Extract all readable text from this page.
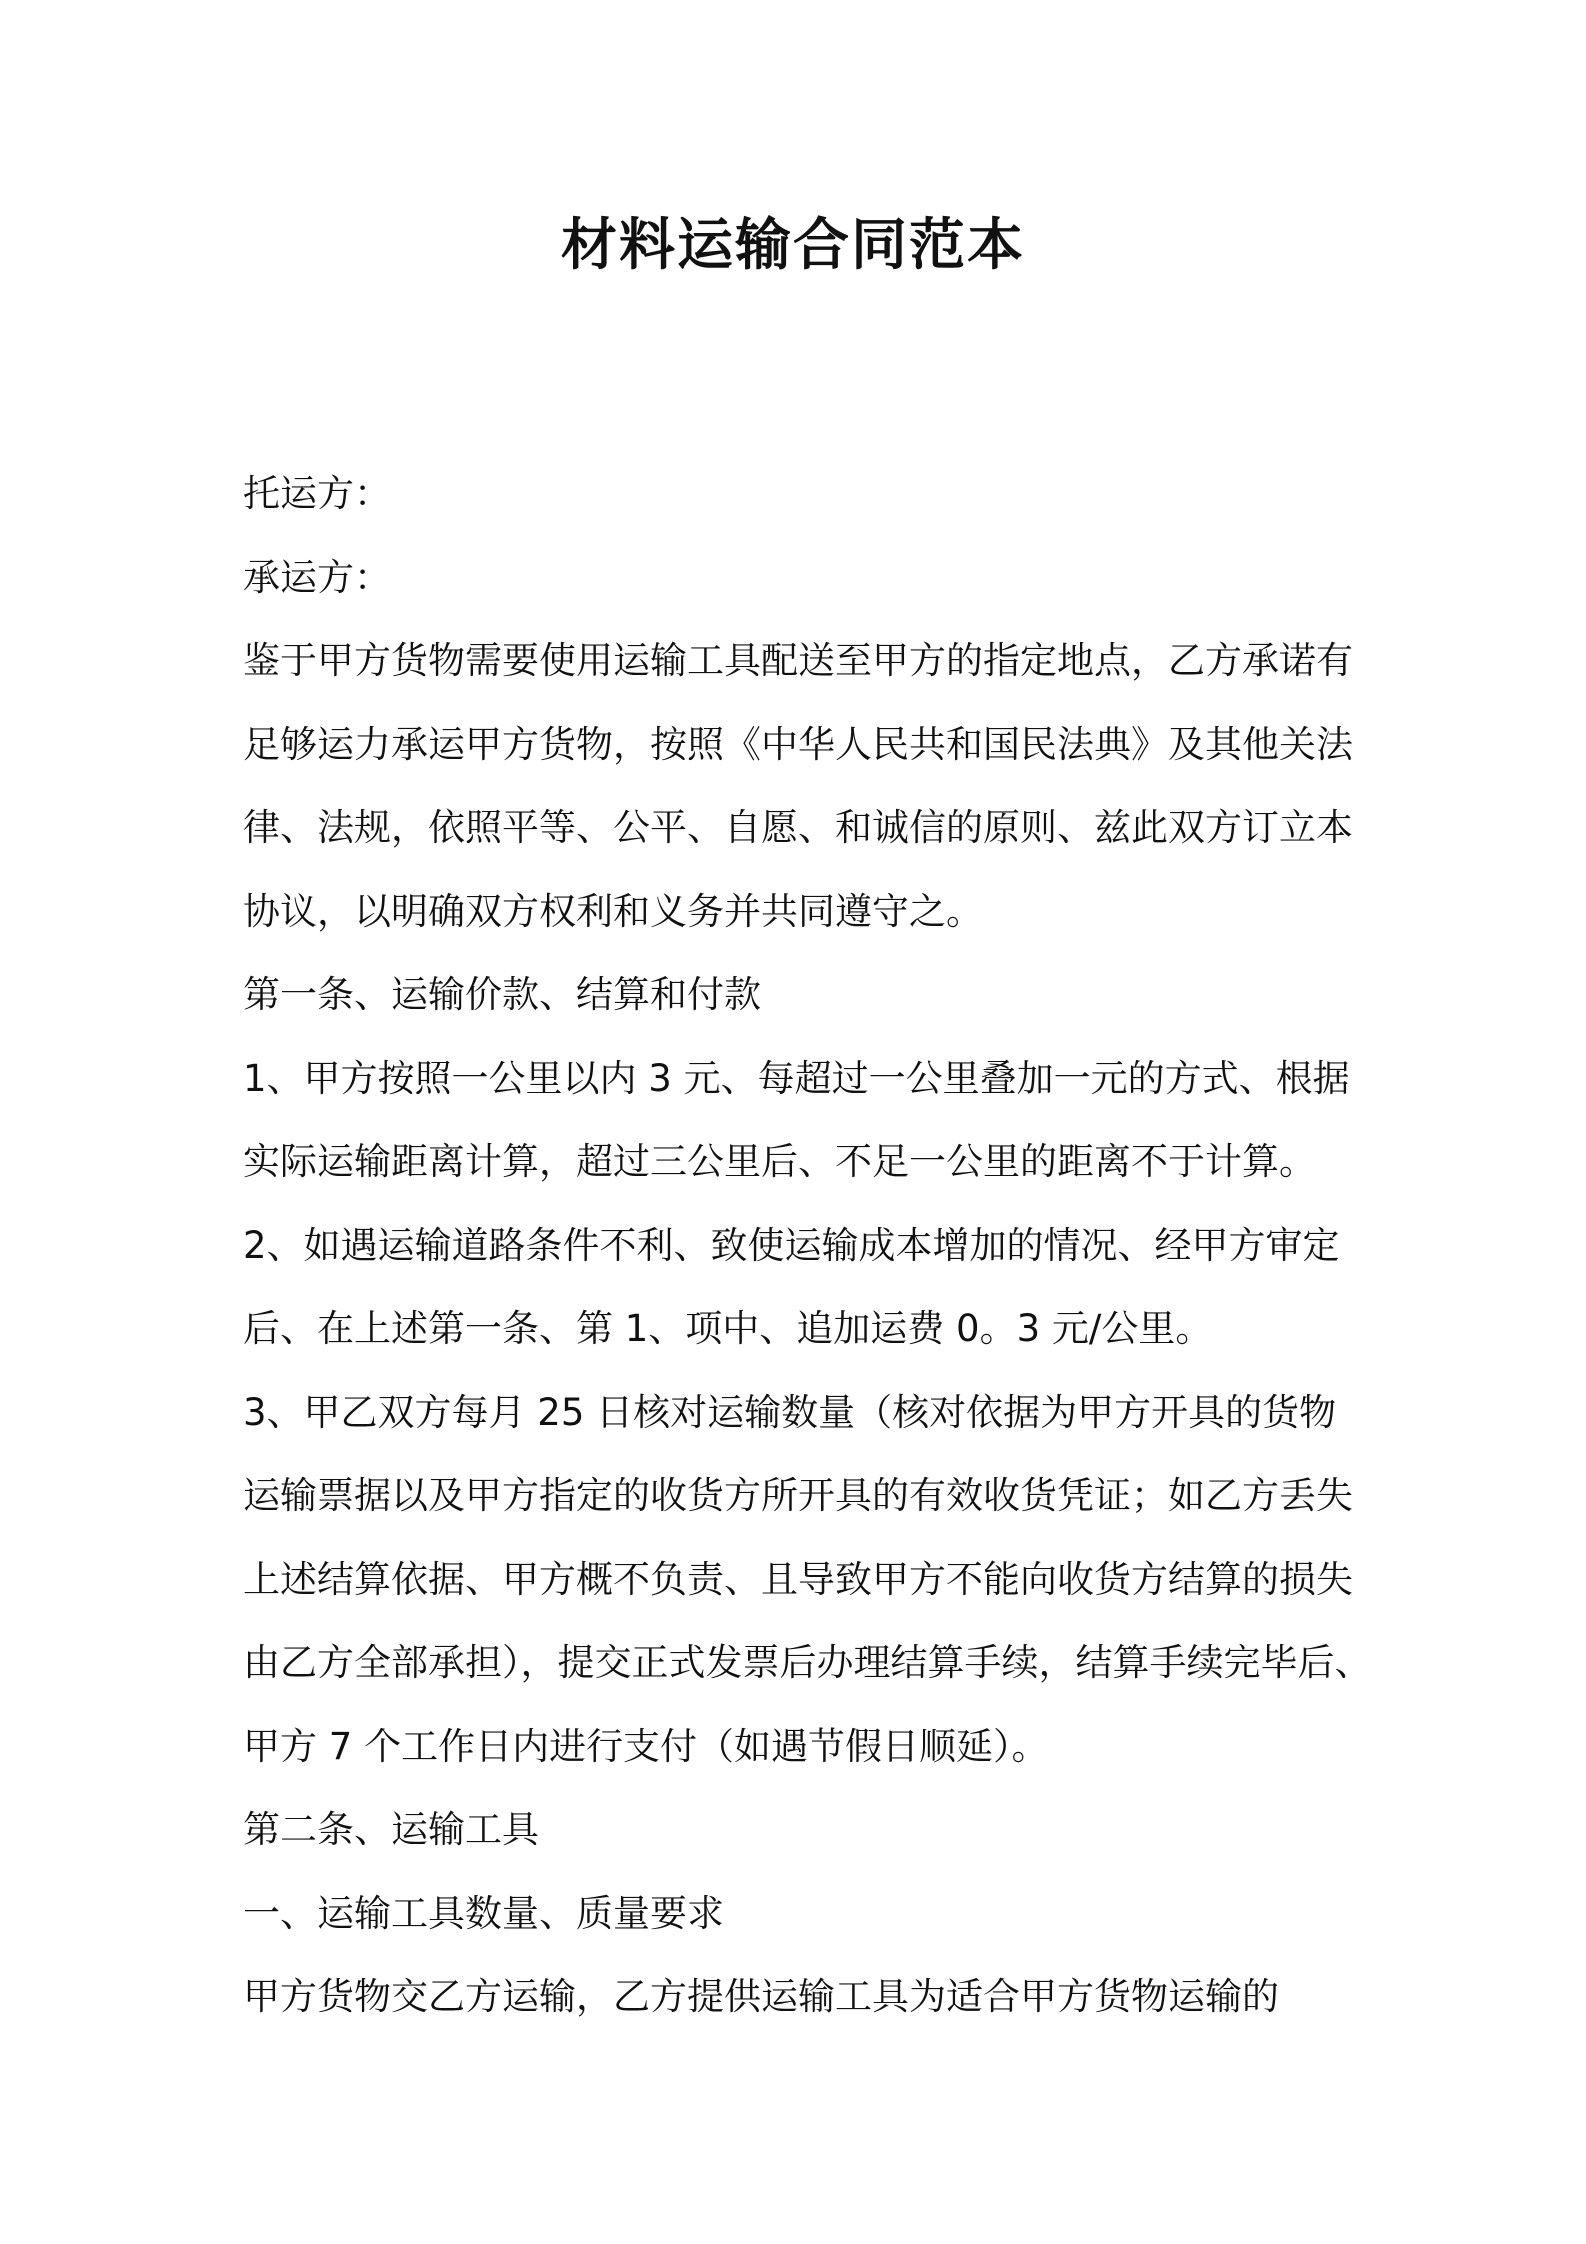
材料运输合同范本

托运方：

承运方：

鉴于甲方货物需要使用运输工具配送至甲方的指定地点，乙方承诺有

足够运力承运甲方货物，按照《中华人民共和国民法典》及其他关法

律、法规，依照平等、公平、自愿、和诚信的原则、兹此双方订立本

协议，以明确双方权利和义务并共同遵守之。

第一条、运输价款、结算和付款

1、甲方按照一公里以内 3 元、每超过一公里叠加一元的方式、根据

实际运输距离计算，超过三公里后、不足一公里的距离不于计算。

2、如遇运输道路条件不利、致使运输成本增加的情况、经甲方审定

后、在上述第一条、第 1、项中、追加运费 0。3 元/公里。

3、甲乙双方每月 25 日核对运输数量（核对依据为甲方开具的货物

运输票据以及甲方指定的收货方所开具的有效收货凭证；如乙方丢失

上述结算依据、甲方概不负责、且导致甲方不能向收货方结算的损失

由乙方全部承担），提交正式发票后办理结算手续，结算手续完毕后、

甲方 7 个工作日内进行支付（如遇节假日顺延）。

第二条、运输工具

一、运输工具数量、质量要求

甲方货物交乙方运输，乙方提供运输工具为适合甲方货物运输的
